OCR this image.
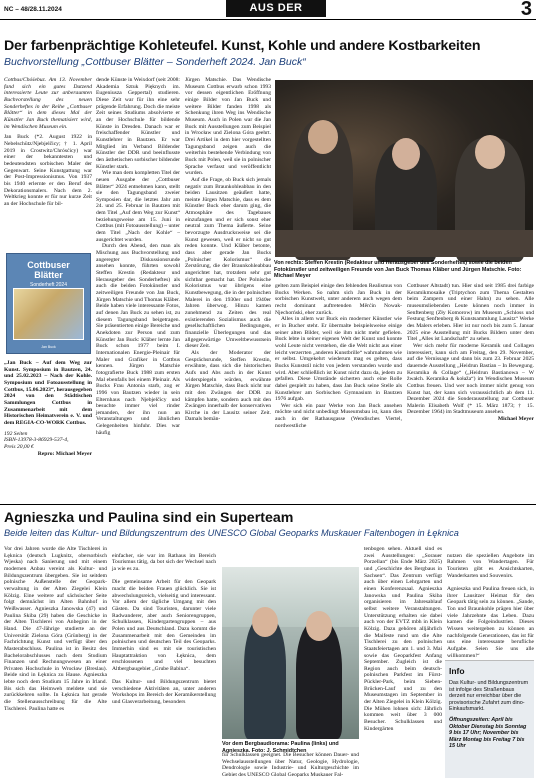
NC – 48/28.11.2024	AUS DER LAUSITZ
3
Der farbenprächtige Kohleteufel. Kunst, Kohle und andere Kostbarkeiten
Buchvorstellung „Cottbuser Blätter – Sonderheft 2024. Jan Buck“

Cottbus/Chóśebuz. Am 13. November fand sich ein gutes Dutzend interessierte Leute zur anberaumten Buchvorstellung des neuen Sonderheftes in der Reihe „Cottbuser Blätter“ in dem dieses Mal der Künstler Jan Buck thematisiert wird, im Wendischen Museum ein.

Jan Buck (*2. August 1922 in Nebelschütz/Njebjelčicy; † 1. April 2019 in Crostwitz/Chrósćicy) war einer der bekanntesten und bedeutendsten sorbischen Maler der Gegenwart. Seine Kunstgattung war der Post-Impressionismus. Von 1937 bis 1940 erlernte er den Beruf des Dekorationsmalers. Nach dem 2. Weltkrieg konnte er für nur kurze Zeit an der Hochschule für bil-

Cottbuser Blätter
Sonderheft 2024
Jan Buck

„Jan Buck – Auf dem Weg zur Kunst. Symposium in Bautzen, 24. und 25.02.2023 – Nach der Kohle. Symposium und Fotoausstellung in Cottbus, 15.06.2023“, herausgegeben 2024 von den Städtischen Sammlungen Cottbus in Zusammenarbeit mit dem Historischen Heimatverein e. V. und dem REGIA-CO-WORK Cottbus.

192 Seiten

ISBN-13978-3-86929-537-4,

Preis 20,00 €

Repro: Michael Meyer

dende Künste in Weixdorf (seit 2008: Akademia Sztuk Pięknych im. Eugeniusza Geppertal) studieren. Diese Zeit war für ihn eine sehr prägende Erfahrung. Doch die meiste Zeit seines Studiums absolvierte er an der Hochschule für bildende Künste in Dresden. Danach war er freischaffender Künstler und Kunstlehrer in Bautzen. Er war Mitglied im Verband Bildender Künstler der DDR und beeinflusste den ästhetischen sorbischer bildender Künstler stark.

Wie man dem kompletten Titel der neuen Ausgabe der „Cottbuser Blätter“ 2024 entnehmen kann, stellt sie den Tagungsband zweier Symposien dar, die letztes Jahr am 24. und 25. Februar in Bautzen mit dem Titel „Auf dem Weg zur Kunst“ beziehungsweise am 15. Juni in Cottbus (mit Fotoausstellung) – unter dem Titel „Nach der Kohle“ – ausgerichtet wurden.

Durch den Abend, den man als Mischung aus Buchvorstellung und angeregter Diskussionsrunde ansehen konnte, führten sowohl Steffen Krestin (Redakteur und Herausgeber des Sonderheftes) als auch die beiden Fotokünstler und zeitweiligen Freunde von Jan Buck, Jürgen Matschie und Thomas Kläber. Beide haben viele interessante Fotos, auf denen Jan Buck zu sehen ist, zu diesem Tagungsband beigetragen. Sie präsentierten einige Bereiche und Anekdoten zur Person und zum Künstler Jan Buck: Kläber lernte Jan Buck schon 1977 beim I. Internationalen Energie-Pleinair für Maler und Grafiker in Cottbus kennen. Jürgen Matschie fotografierte Buck 1988 zum ersten Mal ebenfalls bei einem Pleinair. Als Bucks Frau Antonia starb, zog er 1996 von Bautzen wieder in sein Elternhaus nach Njebjelčicy und besuchte immer viel rinder jemanden, der ihn nun an Veranstaltungen und ähnlichen Gelegenheiten hinfuhr. Dies war häufig

Jürgen Matschie. Das Wendische Museum Cottbus erwarb schon 1993 vor dessen eigentlichen Eröffnung einige Bilder von Jan Buck und weitere Bilder fanden 1998 als Schenkung ihren Weg ins Wendische Museum. Auch in Polen war die Jan Buck mit Ausstellungen zum Beispiel in Wrocław und Zielona Góra geehrt. Drei Artikel in dem hier vorgestellten Tagungsband zeigen auch die weiterhin bestehende Verbindung von Buck mit Polen, weil sie in polnischer Sprache verfasst und veröffentlicht wurden.

Auf die Frage, ob Buck sich jemals negativ zum Braunkohleabbau in den beiden Lausitzen geäußert hatte, meinte Jürgen Matschie, dass es dem Künstler Buck eher darum ging, die Atmosphäre des Tagebaues einzufangen und er sich sonst eher neutral zum Thema äußerte. Seine bevorzugte Ausdrucksweise sei die Kunst gewesen, weil er nicht so gut reden konnte. Und Kläber betonte, dass aber gerade Jan Bucks „Polnischer Kolorismus“ die Zerstörung, die der Braunkohleabbau angerichtet hat, trotzdem sehr gut sichtbar gemacht hat. Der Polnische Kolorismus war übrigens eine Kunstbewegung, die in der polnischen Malerei in den 1930er und 1940er Jahren überwog. Hinzu kamen zunehmend zu Zeiten des real existierenden Sozialismus auch die gesellschaftlichen Bedingungen, finanzielle Überlegungen und das allgegenwärtige Umweltbewusstsein dieser Zeit.

Als der Moderator der Gesprächsrunde, Steffen Krestin, erwähnte, dass sich die historischen Aufs und Abs auch in der Kunst widerspiegeln würden, erwähnte Jürgen Matschie, dass Buck nicht nur mit den Zwängen der DDR zu kämpfen hatte, sondern auch mit den Zwängen innerhalb der konservativen Kirche in der Lausitz seiner Zeit. Damals bemän-

Von rechts: Steffen Krestin (Redakteur und Herausgeber des Sonderheftes) sowie die beiden Fotokünstler und zeitweiligen Freunde von Jan Buck Thomas Kläber und Jürgen Matschie. Foto: Michael Meyer

gelten zum Beispiel einige den fehlenden Realismus von Bucks Werken. So nahm sich Jan Buck in der sorbischen Kunstwelt, unter anderem auch wegen dem recht dominant auftretenden Měrćin Nowak-Njechorński, eher zurück.

Alles in allem war Buck ein moderner Künstler wie er in Bucher steht. Er übermalte beispielsweise einige seiner alten Bilder, weil sie ihm nicht mehr gefielen. Buck lebte in seiner eigenen Welt der Kunst und konnte wohl Leute nicht verstehen, die die Welt nicht aus einer leicht verzerrten „anderen Kunstbrille“ wahrnahmen wie er selbst. Umgekehrt wiederum mag es gelten, dass Bucks Kunststil nicht von jedem verstanden wurde und wird. Aber schließlich ist Kunst nicht dazu da, jedem zu gefallen. Diese Umstände sicherten auch eine Rolle dabei gespielt zu haben, dass Jan Buck seine Stelle als Kunstlehrer am Sorbischen Gymnasium in Bautzen 1976 aufgab.

Wer sich ein paar Werke von Jan Buck ansehen möchte und nicht unbedingt Museumsbau ist, kann dies auch in der Rathausgasse (Wendisches Viertel, nordwestliche

Cottbuser Altstadt) tun. Hier sind seit 1985 drei farbige Keramikmosaike (Triptychon zum Thema Gestalten beim Zampern und einer Hahn) zu sehen. Alle museumsliebenden Leute können noch immer in Senftenberg (Zły Komorow) im Museum „Schloss und Festung Senftenberg & Kunstsammlung Lausitz“ Werke des Malers erleben. Hier ist nur noch bis zum 5. Januar 2025 eine Ausstellung mit Bucks Bildern unter dem Titel „Alles ist Landschaft“ zu sehen.

Wer sich mehr für moderne Keramik und Collagen interessiert, kann sich am Freitag, den 29. November, auf die Vernissage und dann bis zum 23. Februar 2025 dauernde Ausstellung „Heidrun Bastian – In Bewegung. Keramika & Collage“ („Heidrun Bastianowa – W žwałch. Keramika & kołaža“) im Wendischen Museum Cottbus freuen. Und wer noch immer nicht genug von Kunst hat, der kann sich voraussichtlich ab dem 11. Dezember 2024 die Sonderausstellung zur Cottbuser Malerin Elisabeth Wolf (* 15. März 1873; † 15. Dezember 1964) im Stadtmuseum ansehen.

Michael Meyer

Agnieszka und Paulina sind ein Superteam
Beide leiten das Kultur- und Bildungszentrum des UNESCO Global Geoparks Muskauer Faltenbogen in Łęknica

Vor drei Jahren wurde die Alte Tischlerei in Łęknica (deutsch Lugknitz, obersorbisch Wjeska) nach Sanierung und mit einem modernen Anbau vereint als Kultur- und Bildungszentrum übergeben. Sie ist seitdem polnische Außenstelle der Geopark-verwaltung in der Alten Ziegelei Klein Kölzig. Eine weitere auf sächsischer Seite folgt demnächst im Alten Bahnhof in Weißwasser. Agnieszka Janowska (47) und Paulina Skiba (29) haben die Geschicke in der Alten Tischlerei von Anbeginn in der Hand. Die 47-Jährige studierte an der Universität Zielona Góra (Grünberg) in der Fachrichtung Kunst und verfügt über den Masterabschluss. Paulina ist in Besitz des Bachelorabschlusses nach dem Studium Finanzen und Rechnungswesen an einer Privaten Hochschule in Wrocław (Breslau). Beide sind in Łęknica zu Hause. Agnieszka lebte noch dem Studium 15 Jahre in Irland. Bis sich das Heimweh meldete und sie zurückkehren sollte. In Łęknica hat gerade die Stellenausschreibung für die Alte Tischlerei. Paulina hatte es

einfacher, sie war im Rathaus im Bereich Tourismus tätig, da bot sich der Wechsel nach ja wie es zu.

Die gemeinsame Arbeit für den Geopark macht die beiden Frauen glücklich. Sie ist abwechslungsreich, vielseitig und interessant. Vor allem der tägliche Umgang mit den Gästen. Da sind Touristen, darunter viele Radwanderer, aber auch Seniorengruppen, Schulklassen, Kindergartengruppen – aus Polen und aus Deutschland. Dazu kommt die Zusammenarbeit mit den Gemeinden im polnischen und deutschen Teil des Geoparks. Immerhin sind es mit sie touristischen Hauptattraktion von Łęknica, dem erschlossenen und viel besuchten Altbergbaugebiet „Grube Babina“.

Das Kultur- und Bildungszentrum bietet verschiedene Aktivitäten an, unter anderen Workshops im Bereich der Keramikerstellung und Glasverarbeitung, besonders

Vor dem Bergbaudiorama: Paulina (links) und Agnieszka. Foto: J. Schmidtchen

für Schulklassen geeignet. Die Besucher können Dauer- und Wechselausstellungen über Natur, Geologie, Hydrologie, Dendrologie sowie Industrie- und Kulturgeschichte im Gebiet des UNESCO Global Geoparks Muskauer Fal-

tenbogen sehen. Aktuell sind es zwei Ausstellungen: „Sorauer Porzellan“ (bis Ende März 2025) und „Geschichte des Bergbaus in Sachsen“. Das Zentrum verfügt auch über einen Lehrgarten und einen Konferenzsaal. Agnieszka Janowska und Paulina Skiba organisieren im Jahresablauf selbst weitere Veranstaltungen. Unterstützung erhalten sie dabei auch von der EVTZ mbh in Klein Kölzig. Dazu gehören alljährlich die Maifeste rund um die Alte Tischlerei zu den polnischen Staatsfeiertagen am 1. und 3. Mai sowie das Geoparkfest Anfang September. Zugleich ist die Region auch beim deutsch-polnischen Parkfest im Fürst-Pückler-Park, beim Sieben-Brücken-Lauf und zu den Museumstagen im September in der Alten Ziegelei in Klein Kölzig. Die Mühen lohnen sich: Jährlich kommen weit über 3 000 Besucher. Schulklassen und Kindergärten

nutzen die speziellen Angebote im Rahmen von Wandertagen. Für Touristen gibt es Ansichtskarten, Wanderkarten und Souvenirs.

Agnieszka und Paulina freuen sich, in ihrer Lausitzer Heimat für den Geopark tätig sein zu können. „Sande, Ton und Braunkohle prägen hier über viele Jahrzehnte das Leben. Dazu kamen die Folgeindustrien. Dieses Wissen weitergeben zu können an nachfolgende Generationen, das ist für uns eine interessante berufliche Aufgabe. Seien Sie uns alle willkommen!“

Info
Das Kultur- und Bildungszentrum ist infolge des Straßenbaus derzeit nur erreichbar über die provisorische Zufahrt zum dino-Einkaufsmarkt.
Öffnungszeiten: April bis Oktober Dienstag bis Sonntag 9 bis 17 Uhr; November bis März Montag bis Freitag 7 bis 15 Uhr
